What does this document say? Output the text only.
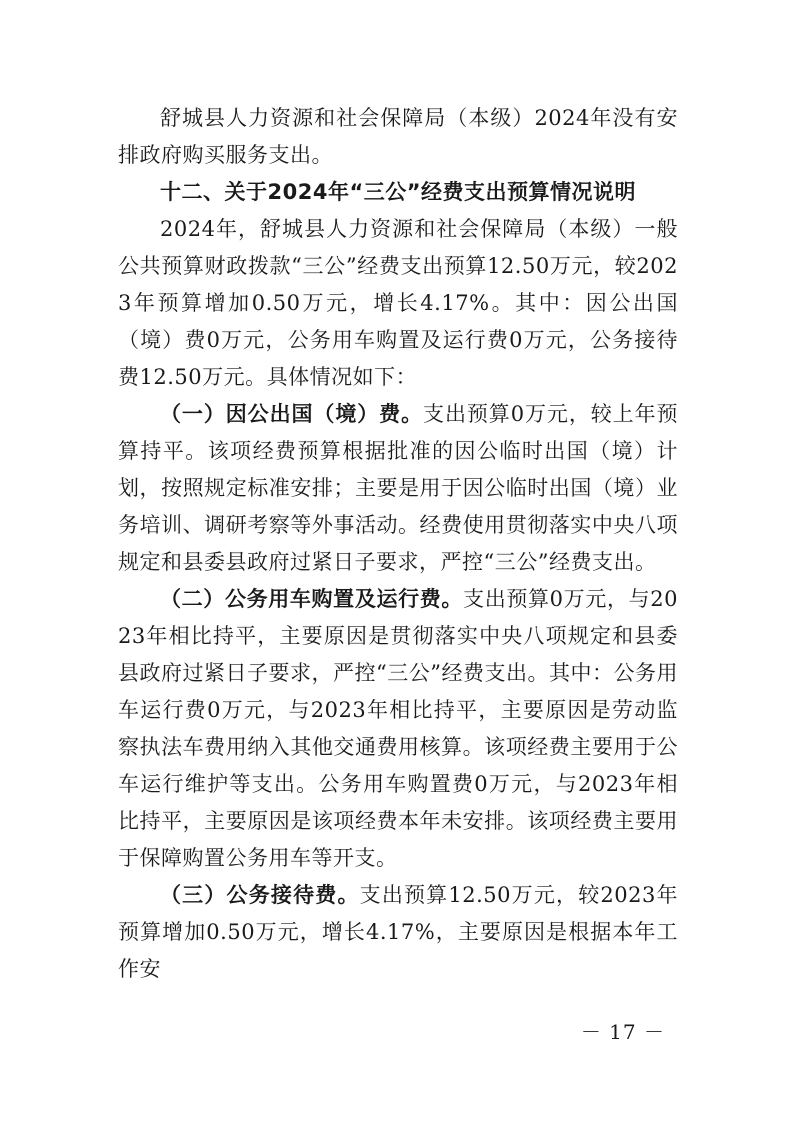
舒城县人力资源和社会保障局（本级）2024年没有安排政府购买服务支出。

十二、关于2024年“三公”经费支出预算情况说明

2024年，舒城县人力资源和社会保障局（本级）一般公共预算财政拨款“三公”经费支出预算12.50万元，较2023年预算增加0.50万元，增长4.17%。其中：因公出国（境）费0万元，公务用车购置及运行费0万元，公务接待费12.50万元。具体情况如下：

（一）因公出国（境）费。支出预算0万元，较上年预算持平。该项经费预算根据批准的因公临时出国（境）计划，按照规定标准安排；主要是用于因公临时出国（境）业务培训、调研考察等外事活动。经费使用贯彻落实中央八项规定和县委县政府过紧日子要求，严控“三公”经费支出。

（二）公务用车购置及运行费。支出预算0万元，与2023年相比持平，主要原因是贯彻落实中央八项规定和县委县政府过紧日子要求，严控“三公”经费支出。其中：公务用车运行费0万元，与2023年相比持平，主要原因是劳动监察执法车费用纳入其他交通费用核算。该项经费主要用于公车运行维护等支出。公务用车购置费0万元，与2023年相比持平，主要原因是该项经费本年未安排。该项经费主要用于保障购置公务用车等开支。

（三）公务接待费。支出预算12.50万元，较2023年预算增加0.50万元，增长4.17%，主要原因是根据本年工作安

－ 17 －
